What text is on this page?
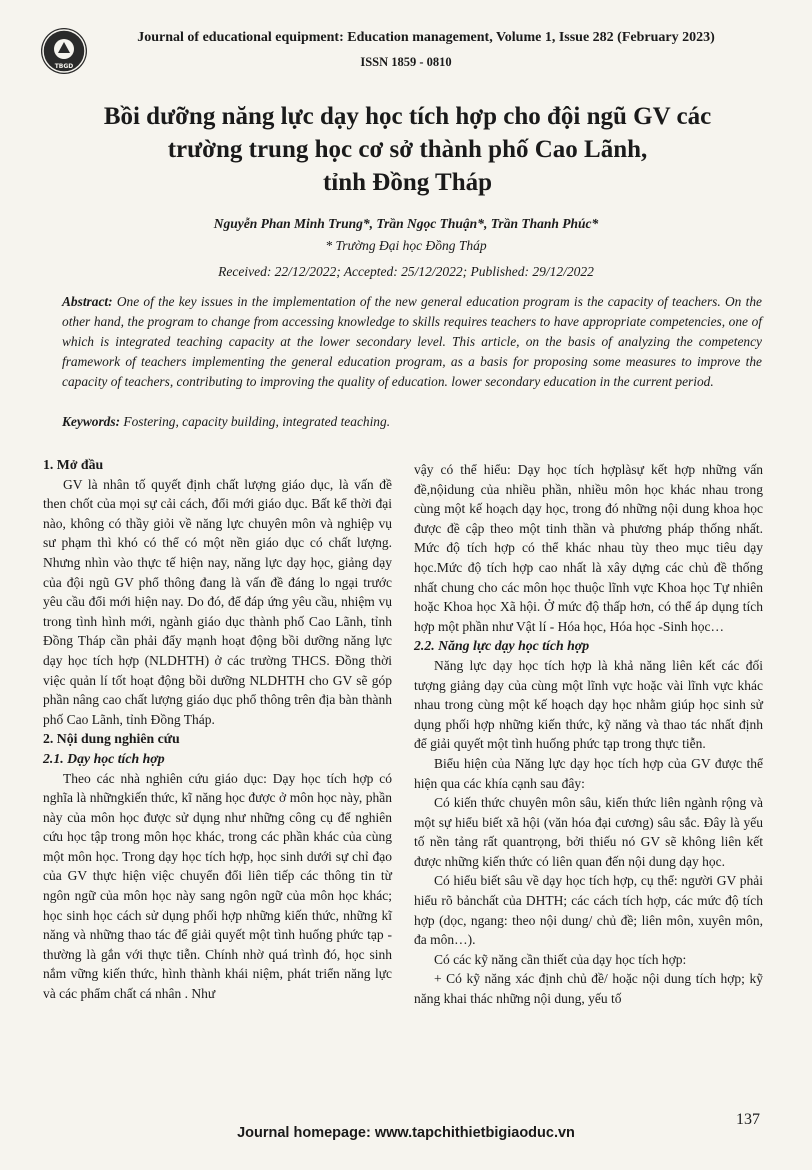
TBGD
Journal of educational equipment: Education management, Volume 1, Issue 282 (February 2023)
ISSN 1859 - 0810
Bồi dưỡng năng lực dạy học tích hợp cho đội ngũ GV các
trường trung học cơ sở thành phố Cao Lãnh,
tỉnh Đồng Tháp
Nguyễn Phan Minh Trung*, Trần Ngọc Thuận*, Trần Thanh Phúc*
* Trường Đại học Đồng Tháp
Received: 22/12/2022; Accepted: 25/12/2022; Published: 29/12/2022
Abstract: One of the key issues in the implementation of the new general education program is the capacity of teachers. On the other hand, the program to change from accessing knowledge to skills requires teachers to have appropriate competencies, one of which is integrated teaching capacity at the lower secondary level. This article, on the basis of analyzing the competency framework of teachers implementing the general education program, as a basis for proposing some measures to improve the capacity of teachers, contributing to improving the quality of education. lower secondary education in the current period.
Keywords: Fostering, capacity building, integrated teaching.
1. Mở đầu

GV là nhân tố quyết định chất lượng giáo dục, là vấn đề then chốt của mọi sự cải cách, đổi mới giáo dục. Bất kể thời đại nào, không có thầy giỏi về năng lực chuyên môn và nghiệp vụ sư phạm thì khó có thể có một nền giáo dục có chất lượng. Nhưng nhìn vào thực tế hiện nay, năng lực dạy học, giảng dạy của đội ngũ GV phổ thông đang là vấn đề đáng lo ngại trước yêu cầu đổi mới hiện nay. Do đó, để đáp ứng yêu cầu, nhiệm vụ trong tình hình mới, ngành giáo dục thành phố Cao Lãnh, tỉnh Đồng Tháp cần phải đẩy mạnh hoạt động bồi dưỡng năng lực dạy học tích hợp (NLDHTH) ở các trường THCS. Đồng thời việc quản lí tốt hoạt động bồi dưỡng NLDHTH cho GV sẽ góp phần nâng cao chất lượng giáo dục phổ thông trên địa bàn thành phố Cao Lãnh, tỉnh Đồng Tháp.

2. Nội dung nghiên cứu
2.1. Dạy học tích hợp

Theo các nhà nghiên cứu giáo dục: Dạy học tích hợp có nghĩa là nhữngkiến thức, kĩ năng học được ở môn học này, phần này của môn học được sử dụng như những công cụ để nghiên cứu học tập trong môn học khác, trong các phần khác của cùng một môn học. Trong dạy học tích hợp, học sinh dưới sự chỉ đạo của GV thực hiện việc chuyển đổi liên tiếp các thông tin từ ngôn ngữ của môn học này sang ngôn ngữ của môn học khác; học sinh học cách sử dụng phối hợp những kiến thức, những kĩ năng và những thao tác để giải quyết một tình huống phức tạp - thường là gắn với thực tiễn. Chính nhờ quá trình đó, học sinh nắm vững kiến thức, hình thành khái niệm, phát triển năng lực và các phẩm chất cá nhân . Như

vậy có thể hiểu: Dạy học tích hợplàsự kết hợp những vấn đề,nộidung của nhiều phần, nhiều môn học khác nhau trong cùng một kế hoạch dạy học, trong đó những nội dung khoa học được đề cập theo một tinh thần và phương pháp thống nhất. Mức độ tích hợp có thể khác nhau tùy theo mục tiêu dạy học.Mức độ tích hợp cao nhất là xây dựng các chủ đề thống nhất chung cho các môn học thuộc lĩnh vực Khoa học Tự nhiên hoặc Khoa học Xã hội. Ở mức độ thấp hơn, có thể áp dụng tích hợp một phần như Vật lí - Hóa học, Hóa học -Sinh học…

2.2. Năng lực dạy học tích hợp

Năng lực dạy học tích hợp là khả năng liên kết các đối tượng giảng dạy của cùng một lĩnh vực hoặc vài lĩnh vực khác nhau trong cùng một kế hoạch dạy học nhằm giúp học sinh sử dụng phối hợp những kiến thức, kỹ năng và thao tác nhất định để giải quyết một tình huống phức tạp trong thực tiễn.

Biểu hiện của Năng lực dạy học tích hợp của GV được thể hiện qua các khía cạnh sau đây:

Có kiến thức chuyên môn sâu, kiến thức liên ngành rộng và một sự hiểu biết xã hội (văn hóa đại cương) sâu sắc. Đây là yếu tố nền tảng rất quantrọng, bởi thiếu nó GV sẽ không liên kết được những kiến thức có liên quan đến nội dung dạy học.

Có hiểu biết sâu về dạy học tích hợp, cụ thể: người GV phải hiểu rõ bảnchất của DHTH; các cách tích hợp, các mức độ tích hợp (dọc, ngang: theo nội dung/ chủ đề; liên môn, xuyên môn, đa môn…).

Có các kỹ năng cần thiết của dạy học tích hợp:

+ Có kỹ năng xác định chủ đề/ hoặc nội dung tích hợp; kỹ năng khai thác những nội dung, yếu tố

137
Journal homepage: www.tapchithietbigiaoduc.vn
